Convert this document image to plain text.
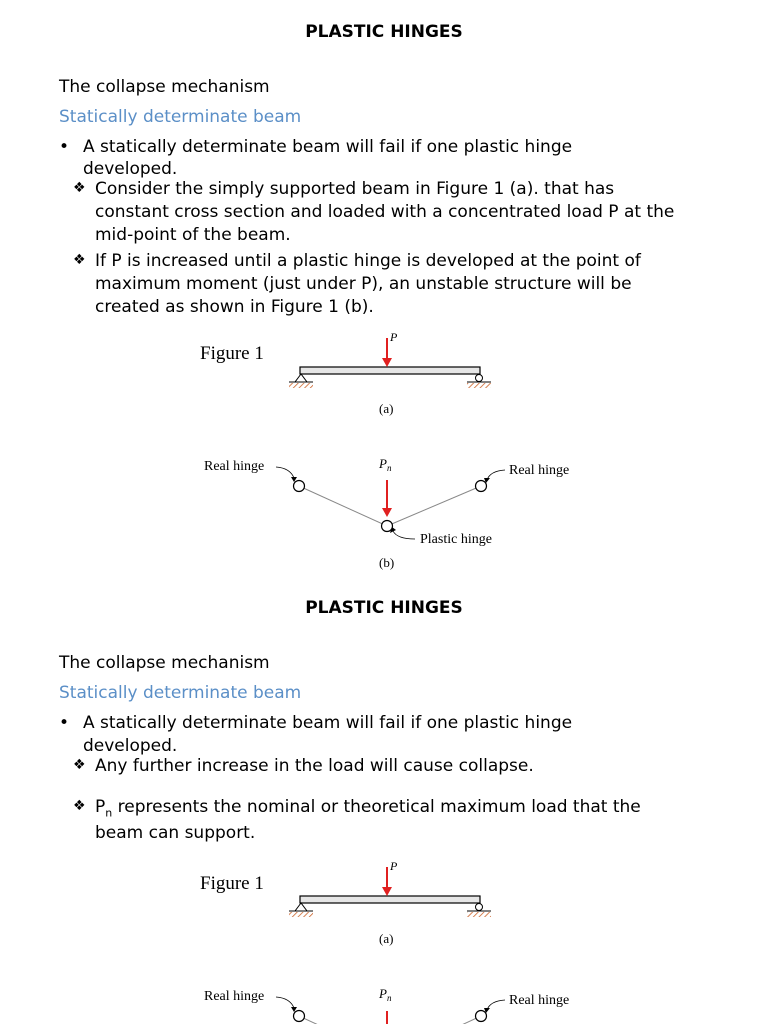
PLASTIC HINGES
The collapse mechanism
Statically determinate beam
• A statically determinate beam will fail if one plastic hinge
developed.
❖ Consider the simply supported beam in Figure 1 (a). that has
constant cross section and loaded with a concentrated load P at the
mid-point of the beam.
❖ If P is increased until a plastic hinge is developed at the point of
maximum moment (just under P), an unstable structure will be
created as shown in Figure 1 (b).
Figure 1
P
(a)
Real hinge	Real hinge
$P_n$
Plastic hinge
(b)
PLASTIC HINGES
The collapse mechanism
Statically determinate beam
• A statically determinate beam will fail if one plastic hinge
developed.
❖ Any further increase in the load will cause collapse.
❖ $P_n$ represents the nominal or theoretical maximum load that the
beam can support.
Figure 1
P
(a)
Real hinge	Real hinge
$P_n$
